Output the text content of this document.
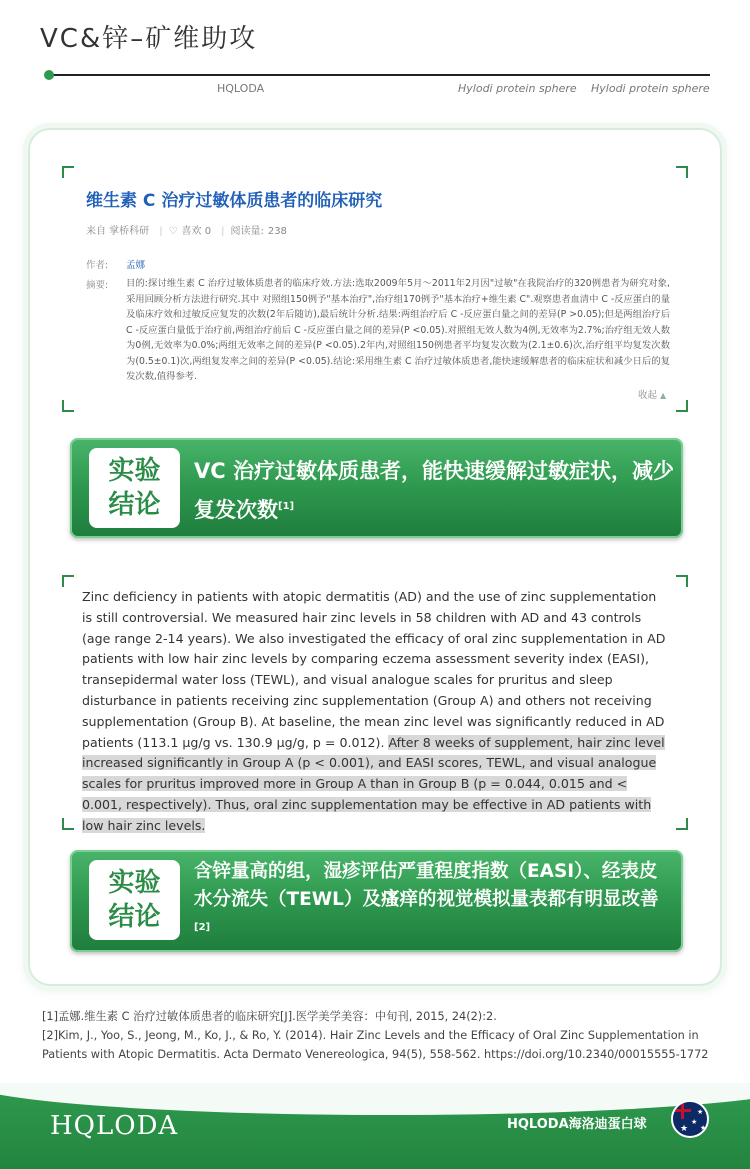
VC&锌–矿维助攻
HQLODA	Hylodi protein sphere Hylodi protein sphere
维生素 C 治疗过敏体质患者的临床研究
来自 掌桥科研 | ♡ 喜欢 0 | 阅读量: 238
作者: 孟娜
摘要: 目的:探讨维生素 C 治疗过敏体质患者的临床疗效.方法:选取2009年5月～2011年2月因"过敏"在我院治疗的320例患者为研究对象,采用回顾分析方法进行研究.其中 对照组150例予"基本治疗",治疗组170例予"基本治疗+维生素 C".观察患者血清中 C -反应蛋白的量及临床疗效和过敏反应复发的次数(2年后随访),最后统计分析.结果:两组治疗后 C -反应蛋白量之间的差异(P >0.05);但是两组治疗后 C -反应蛋白量低于治疗前,两组治疗前后 C -反应蛋白量之间的差异(P <0.05).对照组无效人数为4例,无效率为2.7%;治疗组无效人数为0例,无效率为0.0%;两组无效率之间的差异(P <0.05).2年内,对照组150例患者平均复发次数为(2.1±0.6)次,治疗组平均复发次数为(0.5±0.1)次,两组复发率之间的差异(P <0.05).结论:采用维生素 C 治疗过敏体质患者,能快速缓解患者的临床症状和减少日后的复发次数,值得参考.
收起 ▲
实验结论
VC 治疗过敏体质患者，能快速缓解过敏症状，减少复发次数[1]
Zinc deficiency in patients with atopic dermatitis (AD) and the use of zinc supplementation is still controversial. We measured hair zinc levels in 58 children with AD and 43 controls (age range 2-14 years). We also investigated the efficacy of oral zinc supplementation in AD patients with low hair zinc levels by comparing eczema assessment severity index (EASI), transepidermal water loss (TEWL), and visual analogue scales for pruritus and sleep disturbance in patients receiving zinc supplementation (Group A) and others not receiving supplementation (Group B). At baseline, the mean zinc level was significantly reduced in AD patients (113.1 μg/g vs. 130.9 μg/g, p = 0.012). After 8 weeks of supplement, hair zinc level increased significantly in Group A (p < 0.001), and EASI scores, TEWL, and visual analogue scales for pruritus improved more in Group A than in Group B (p = 0.044, 0.015 and < 0.001, respectively). Thus, oral zinc supplementation may be effective in AD patients with low hair zinc levels.
实验结论
含锌量高的组，湿疹评估严重程度指数（EASI）、经表皮水分流失（TEWL）及瘙痒的视觉模拟量表都有明显改善[2]
[1]孟娜.维生素 C 治疗过敏体质患者的临床研究[J].医学美学美容：中旬刊, 2015, 24(2):2.
[2]Kim, J., Yoo, S., Jeong, M., Ko, J., & Ro, Y. (2014). Hair Zinc Levels and the Efficacy of Oral Zinc Supplementation in Patients with Atopic Dermatitis. Acta Dermato Venereologica, 94(5), 558-562. https://doi.org/10.2340/00015555-1772
HQLODA	HQLODA海洛迪蛋白球
★
★
★
★
